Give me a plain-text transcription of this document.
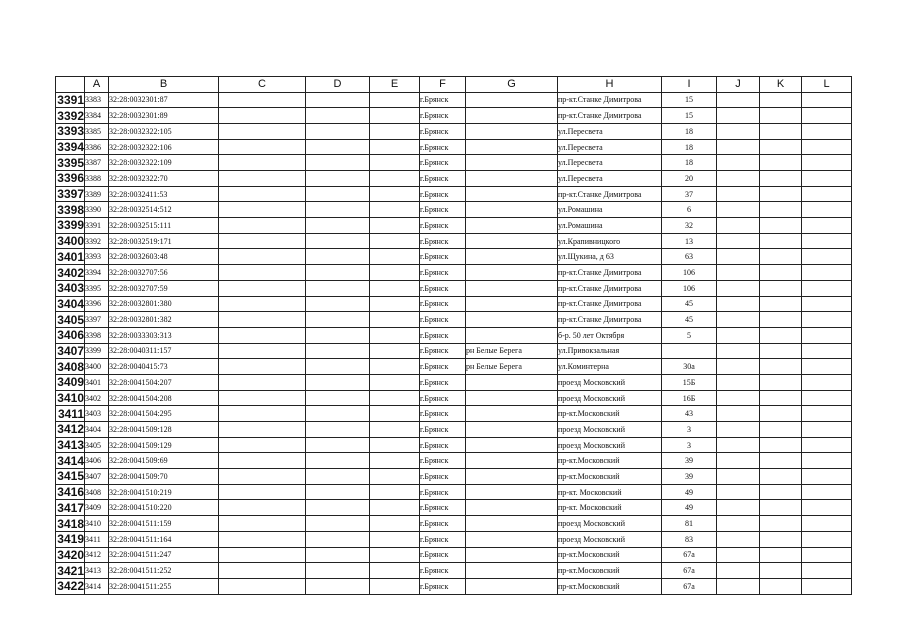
	A	B	C	D	E	F	G	H	I	J	K	L
3391	3383	32:28:0032301:87				г.Брянск		пр-кт.Станке Димитрова	15			
3392	3384	32:28:0032301:89				г.Брянск		пр-кт.Станке Димитрова	15			
3393	3385	32:28:0032322:105				г.Брянск		ул.Пересвета	18			
3394	3386	32:28:0032322:106				г.Брянск		ул.Пересвета	18			
3395	3387	32:28:0032322:109				г.Брянск		ул.Пересвета	18			
3396	3388	32:28:0032322:70				г.Брянск		ул.Пересвета	20			
3397	3389	32:28:0032411:53				г.Брянск		пр-кт.Станке Димитрова	37			
3398	3390	32:28:0032514:512				г.Брянск		ул.Ромашина	6			
3399	3391	32:28:0032515:111				г.Брянск		ул.Ромашина	32			
3400	3392	32:28:0032519:171				г.Брянск		ул.Крапивницкого	13			
3401	3393	32:28:0032603:48				г.Брянск		ул.Щукина, д 63	63			
3402	3394	32:28:0032707:56				г.Брянск		пр-кт.Станке Димитрова	106			
3403	3395	32:28:0032707:59				г.Брянск		пр-кт.Станке Димитрова	106			
3404	3396	32:28:0032801:380				г.Брянск		пр-кт.Станке Димитрова	45			
3405	3397	32:28:0032801:382				г.Брянск		пр-кт.Станке Димитрова	45			
3406	3398	32:28:0033303:313				г.Брянск		б-р. 50 лет Октября	5			
3407	3399	32:28:0040311:157				г.Брянск	рн Белые Берега	ул.Привокзальная				
3408	3400	32:28:0040415:73				г.Брянск	рн Белые Берега	ул.Коминтерна	30а			
3409	3401	32:28:0041504:207				г.Брянск		проезд Московский	15Б			
3410	3402	32:28:0041504:208				г.Брянск		проезд Московский	16Б			
3411	3403	32:28:0041504:295				г.Брянск		пр-кт.Московский	43			
3412	3404	32:28:0041509:128				г.Брянск		проезд Московский	3			
3413	3405	32:28:0041509:129				г.Брянск		проезд Московский	3			
3414	3406	32:28:0041509:69				г.Брянск		пр-кт.Московский	39			
3415	3407	32:28:0041509:70				г.Брянск		пр-кт.Московский	39			
3416	3408	32:28:0041510:219				г.Брянск		пр-кт. Московский	49			
3417	3409	32:28:0041510:220				г.Брянск		пр-кт. Московский	49			
3418	3410	32:28:0041511:159				г.Брянск		проезд Московский	81			
3419	3411	32:28:0041511:164				г.Брянск		проезд Московский	83			
3420	3412	32:28:0041511:247				г.Брянск		пр-кт.Московский	67а			
3421	3413	32:28:0041511:252				г.Брянск		пр-кт.Московский	67а			
3422	3414	32:28:0041511:255				г.Брянск		пр-кт.Московский	67а			
